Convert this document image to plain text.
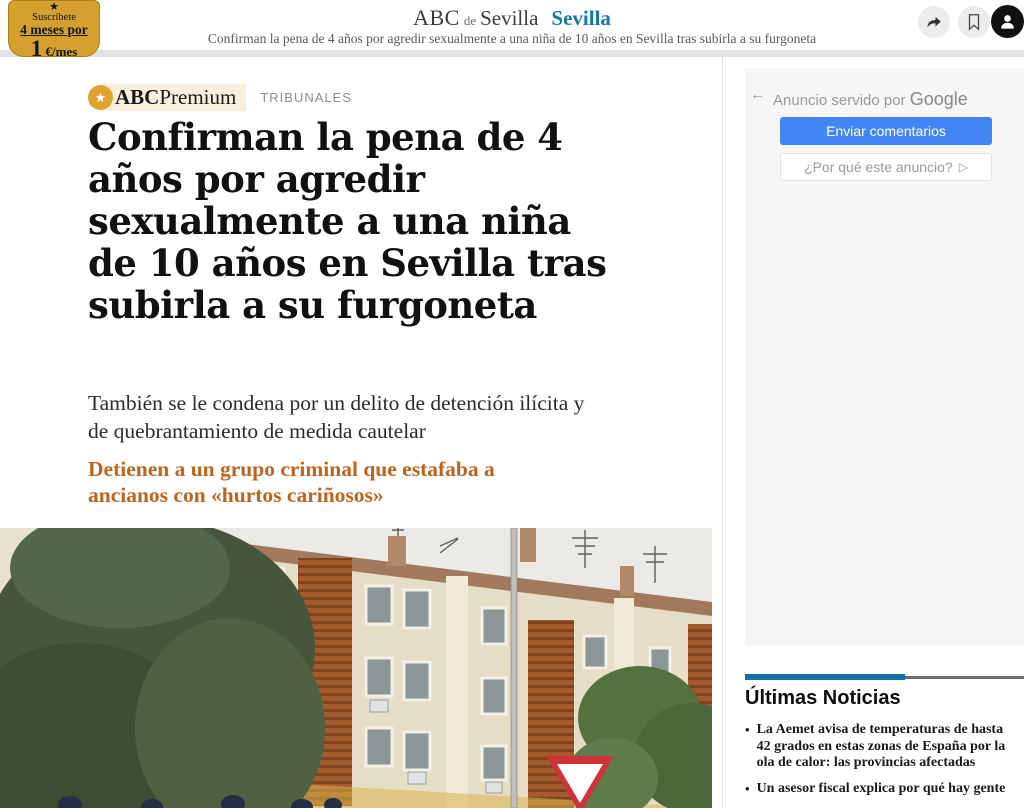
★
Suscríbete
4 meses por
1 €/mes
ABC de Sevilla Sevilla
Confirman la pena de 4 años por agredir sexualmente a una niña de 10 años en Sevilla tras subirla a su furgoneta
★ ABC Premium TRIBUNALES
Confirman la pena de 4 años por agredir sexualmente a una niña de 10 años en Sevilla tras subirla a su furgoneta

También se le condena por un delito de detención ilícita y de quebrantamiento de medida cautelar

Detienen a un grupo criminal que estafaba a ancianos con «hurtos cariñosos»

← Anuncio servido por Google
Enviar comentarios
¿Por qué este anuncio? ▷
Últimas Noticias
• La Aemet avisa de temperaturas de hasta 42 grados en estas zonas de España por la ola de calor: las provincias afectadas
• Un asesor fiscal explica por qué hay gente
